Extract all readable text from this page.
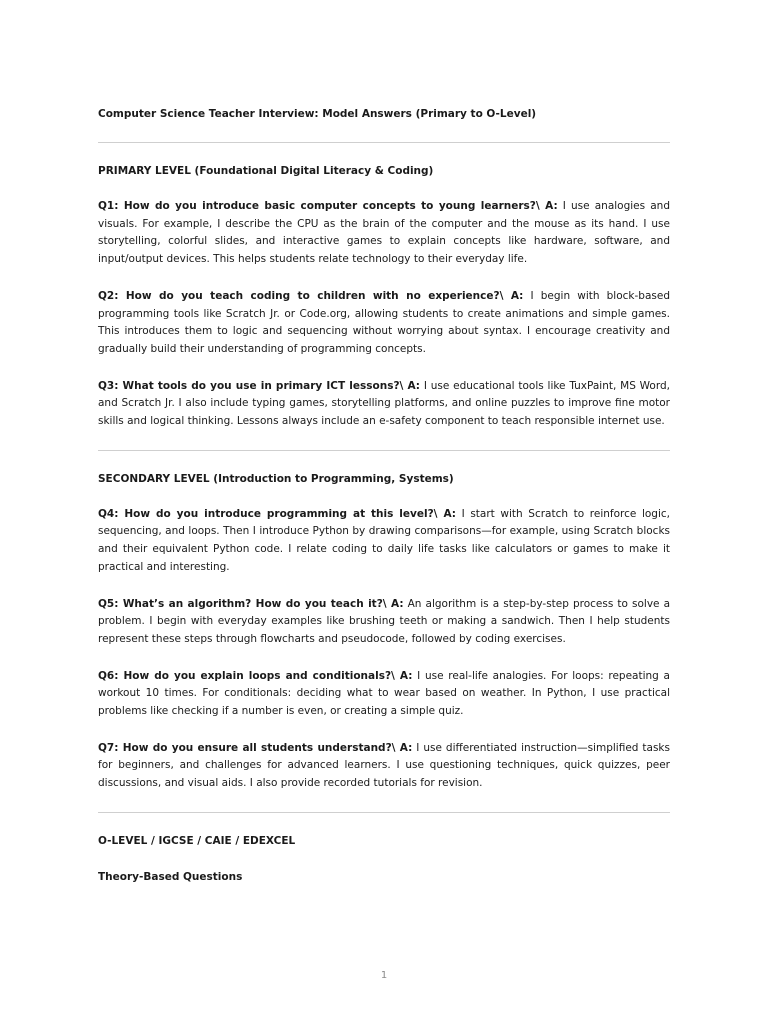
Computer Science Teacher Interview: Model Answers (Primary to O-Level)

PRIMARY LEVEL (Foundational Digital Literacy & Coding)

Q1: How do you introduce basic computer concepts to young learners?\ A: I use analogies and visuals. For example, I describe the CPU as the brain of the computer and the mouse as its hand. I use storytelling, colorful slides, and interactive games to explain concepts like hardware, software, and input/output devices. This helps students relate technology to their everyday life.

Q2: How do you teach coding to children with no experience?\ A: I begin with block-based programming tools like Scratch Jr. or Code.org, allowing students to create animations and simple games. This introduces them to logic and sequencing without worrying about syntax. I encourage creativity and gradually build their understanding of programming concepts.

Q3: What tools do you use in primary ICT lessons?\ A: I use educational tools like TuxPaint, MS Word, and Scratch Jr. I also include typing games, storytelling platforms, and online puzzles to improve fine motor skills and logical thinking. Lessons always include an e-safety component to teach responsible internet use.

SECONDARY LEVEL (Introduction to Programming, Systems)

Q4: How do you introduce programming at this level?\ A: I start with Scratch to reinforce logic, sequencing, and loops. Then I introduce Python by drawing comparisons—for example, using Scratch blocks and their equivalent Python code. I relate coding to daily life tasks like calculators or games to make it practical and interesting.

Q5: What’s an algorithm? How do you teach it?\ A: An algorithm is a step-by-step process to solve a problem. I begin with everyday examples like brushing teeth or making a sandwich. Then I help students represent these steps through flowcharts and pseudocode, followed by coding exercises.

Q6: How do you explain loops and conditionals?\ A: I use real-life analogies. For loops: repeating a workout 10 times. For conditionals: deciding what to wear based on weather. In Python, I use practical problems like checking if a number is even, or creating a simple quiz.

Q7: How do you ensure all students understand?\ A: I use differentiated instruction—simplified tasks for beginners, and challenges for advanced learners. I use questioning techniques, quick quizzes, peer discussions, and visual aids. I also provide recorded tutorials for revision.

O-LEVEL / IGCSE / CAIE / EDEXCEL

Theory-Based Questions

1
